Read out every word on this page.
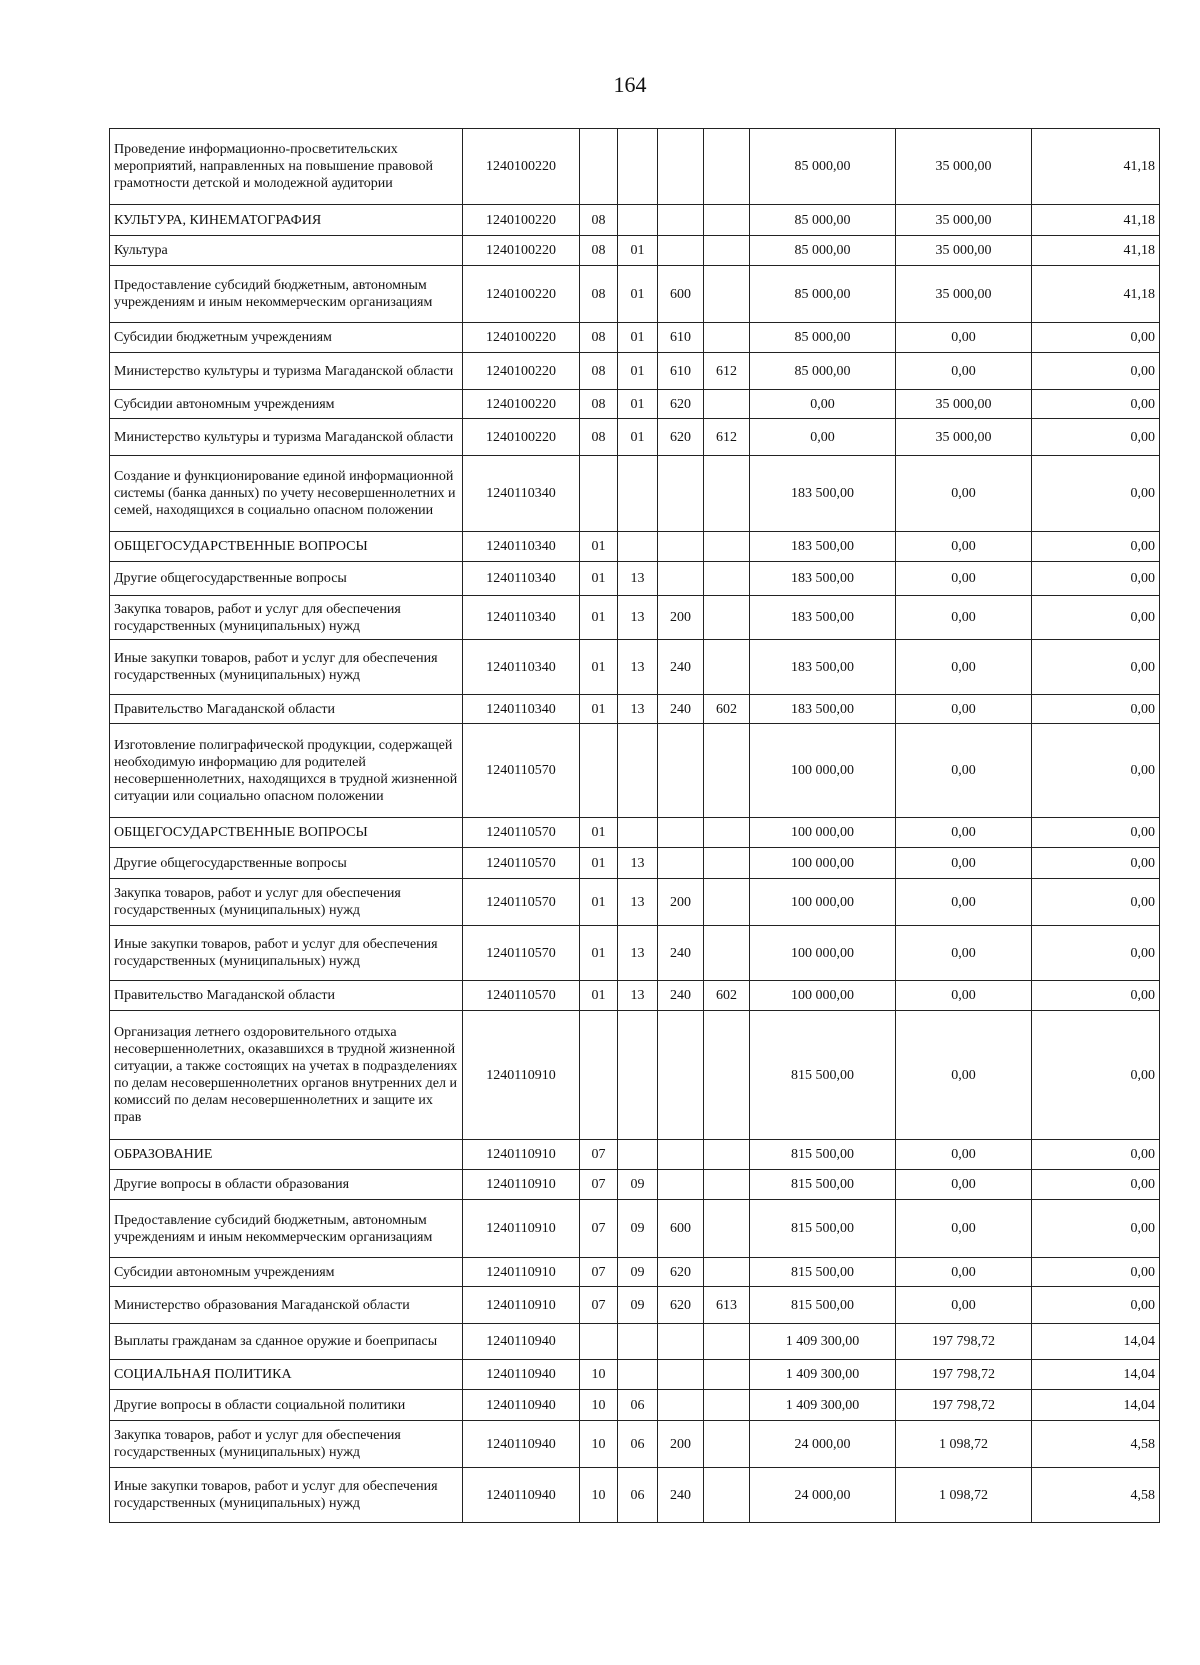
164
Проведение информационно-просветительских мероприятий, направленных на повышение правовой грамотности детской и молодежной аудитории	1240100220					85 000,00	35 000,00	41,18
КУЛЬТУРА, КИНЕМАТОГРАФИЯ	1240100220	08				85 000,00	35 000,00	41,18
Культура	1240100220	08	01			85 000,00	35 000,00	41,18
Предоставление субсидий бюджетным, автономным учреждениям и иным некоммерческим организациям	1240100220	08	01	600		85 000,00	35 000,00	41,18
Субсидии бюджетным учреждениям	1240100220	08	01	610		85 000,00	0,00	0,00
Министерство культуры и туризма Магаданской области	1240100220	08	01	610	612	85 000,00	0,00	0,00
Субсидии автономным учреждениям	1240100220	08	01	620		0,00	35 000,00	0,00
Министерство культуры и туризма Магаданской области	1240100220	08	01	620	612	0,00	35 000,00	0,00
Создание и функционирование единой информационной системы (банка данных) по учету несовершеннолетних и семей, находящихся в социально опасном положении	1240110340					183 500,00	0,00	0,00
ОБЩЕГОСУДАРСТВЕННЫЕ ВОПРОСЫ	1240110340	01				183 500,00	0,00	0,00
Другие общегосударственные вопросы	1240110340	01	13			183 500,00	0,00	0,00
Закупка товаров, работ и услуг для обеспечения государственных (муниципальных) нужд	1240110340	01	13	200		183 500,00	0,00	0,00
Иные закупки товаров, работ и услуг для обеспечения государственных (муниципальных) нужд	1240110340	01	13	240		183 500,00	0,00	0,00
Правительство Магаданской области	1240110340	01	13	240	602	183 500,00	0,00	0,00
Изготовление полиграфической продукции, содержащей необходимую информацию для родителей несовершеннолетних, находящихся в трудной жизненной ситуации или социально опасном положении	1240110570					100 000,00	0,00	0,00
ОБЩЕГОСУДАРСТВЕННЫЕ ВОПРОСЫ	1240110570	01				100 000,00	0,00	0,00
Другие общегосударственные вопросы	1240110570	01	13			100 000,00	0,00	0,00
Закупка товаров, работ и услуг для обеспечения государственных (муниципальных) нужд	1240110570	01	13	200		100 000,00	0,00	0,00
Иные закупки товаров, работ и услуг для обеспечения государственных (муниципальных) нужд	1240110570	01	13	240		100 000,00	0,00	0,00
Правительство Магаданской области	1240110570	01	13	240	602	100 000,00	0,00	0,00
Организация летнего оздоровительного отдыха несовершеннолетних, оказавшихся в трудной жизненной ситуации, а также состоящих на учетах в подразделениях по делам несовершеннолетних органов внутренних дел и комиссий по делам несовершеннолетних и защите их прав	1240110910					815 500,00	0,00	0,00
ОБРАЗОВАНИЕ	1240110910	07				815 500,00	0,00	0,00
Другие вопросы в области образования	1240110910	07	09			815 500,00	0,00	0,00
Предоставление субсидий бюджетным, автономным учреждениям и иным некоммерческим организациям	1240110910	07	09	600		815 500,00	0,00	0,00
Субсидии автономным учреждениям	1240110910	07	09	620		815 500,00	0,00	0,00
Министерство образования Магаданской области	1240110910	07	09	620	613	815 500,00	0,00	0,00
Выплаты гражданам за сданное оружие и боеприпасы	1240110940					1 409 300,00	197 798,72	14,04
СОЦИАЛЬНАЯ ПОЛИТИКА	1240110940	10				1 409 300,00	197 798,72	14,04
Другие вопросы в области социальной политики	1240110940	10	06			1 409 300,00	197 798,72	14,04
Закупка товаров, работ и услуг для обеспечения государственных (муниципальных) нужд	1240110940	10	06	200		24 000,00	1 098,72	4,58
Иные закупки товаров, работ и услуг для обеспечения государственных (муниципальных) нужд	1240110940	10	06	240		24 000,00	1 098,72	4,58
